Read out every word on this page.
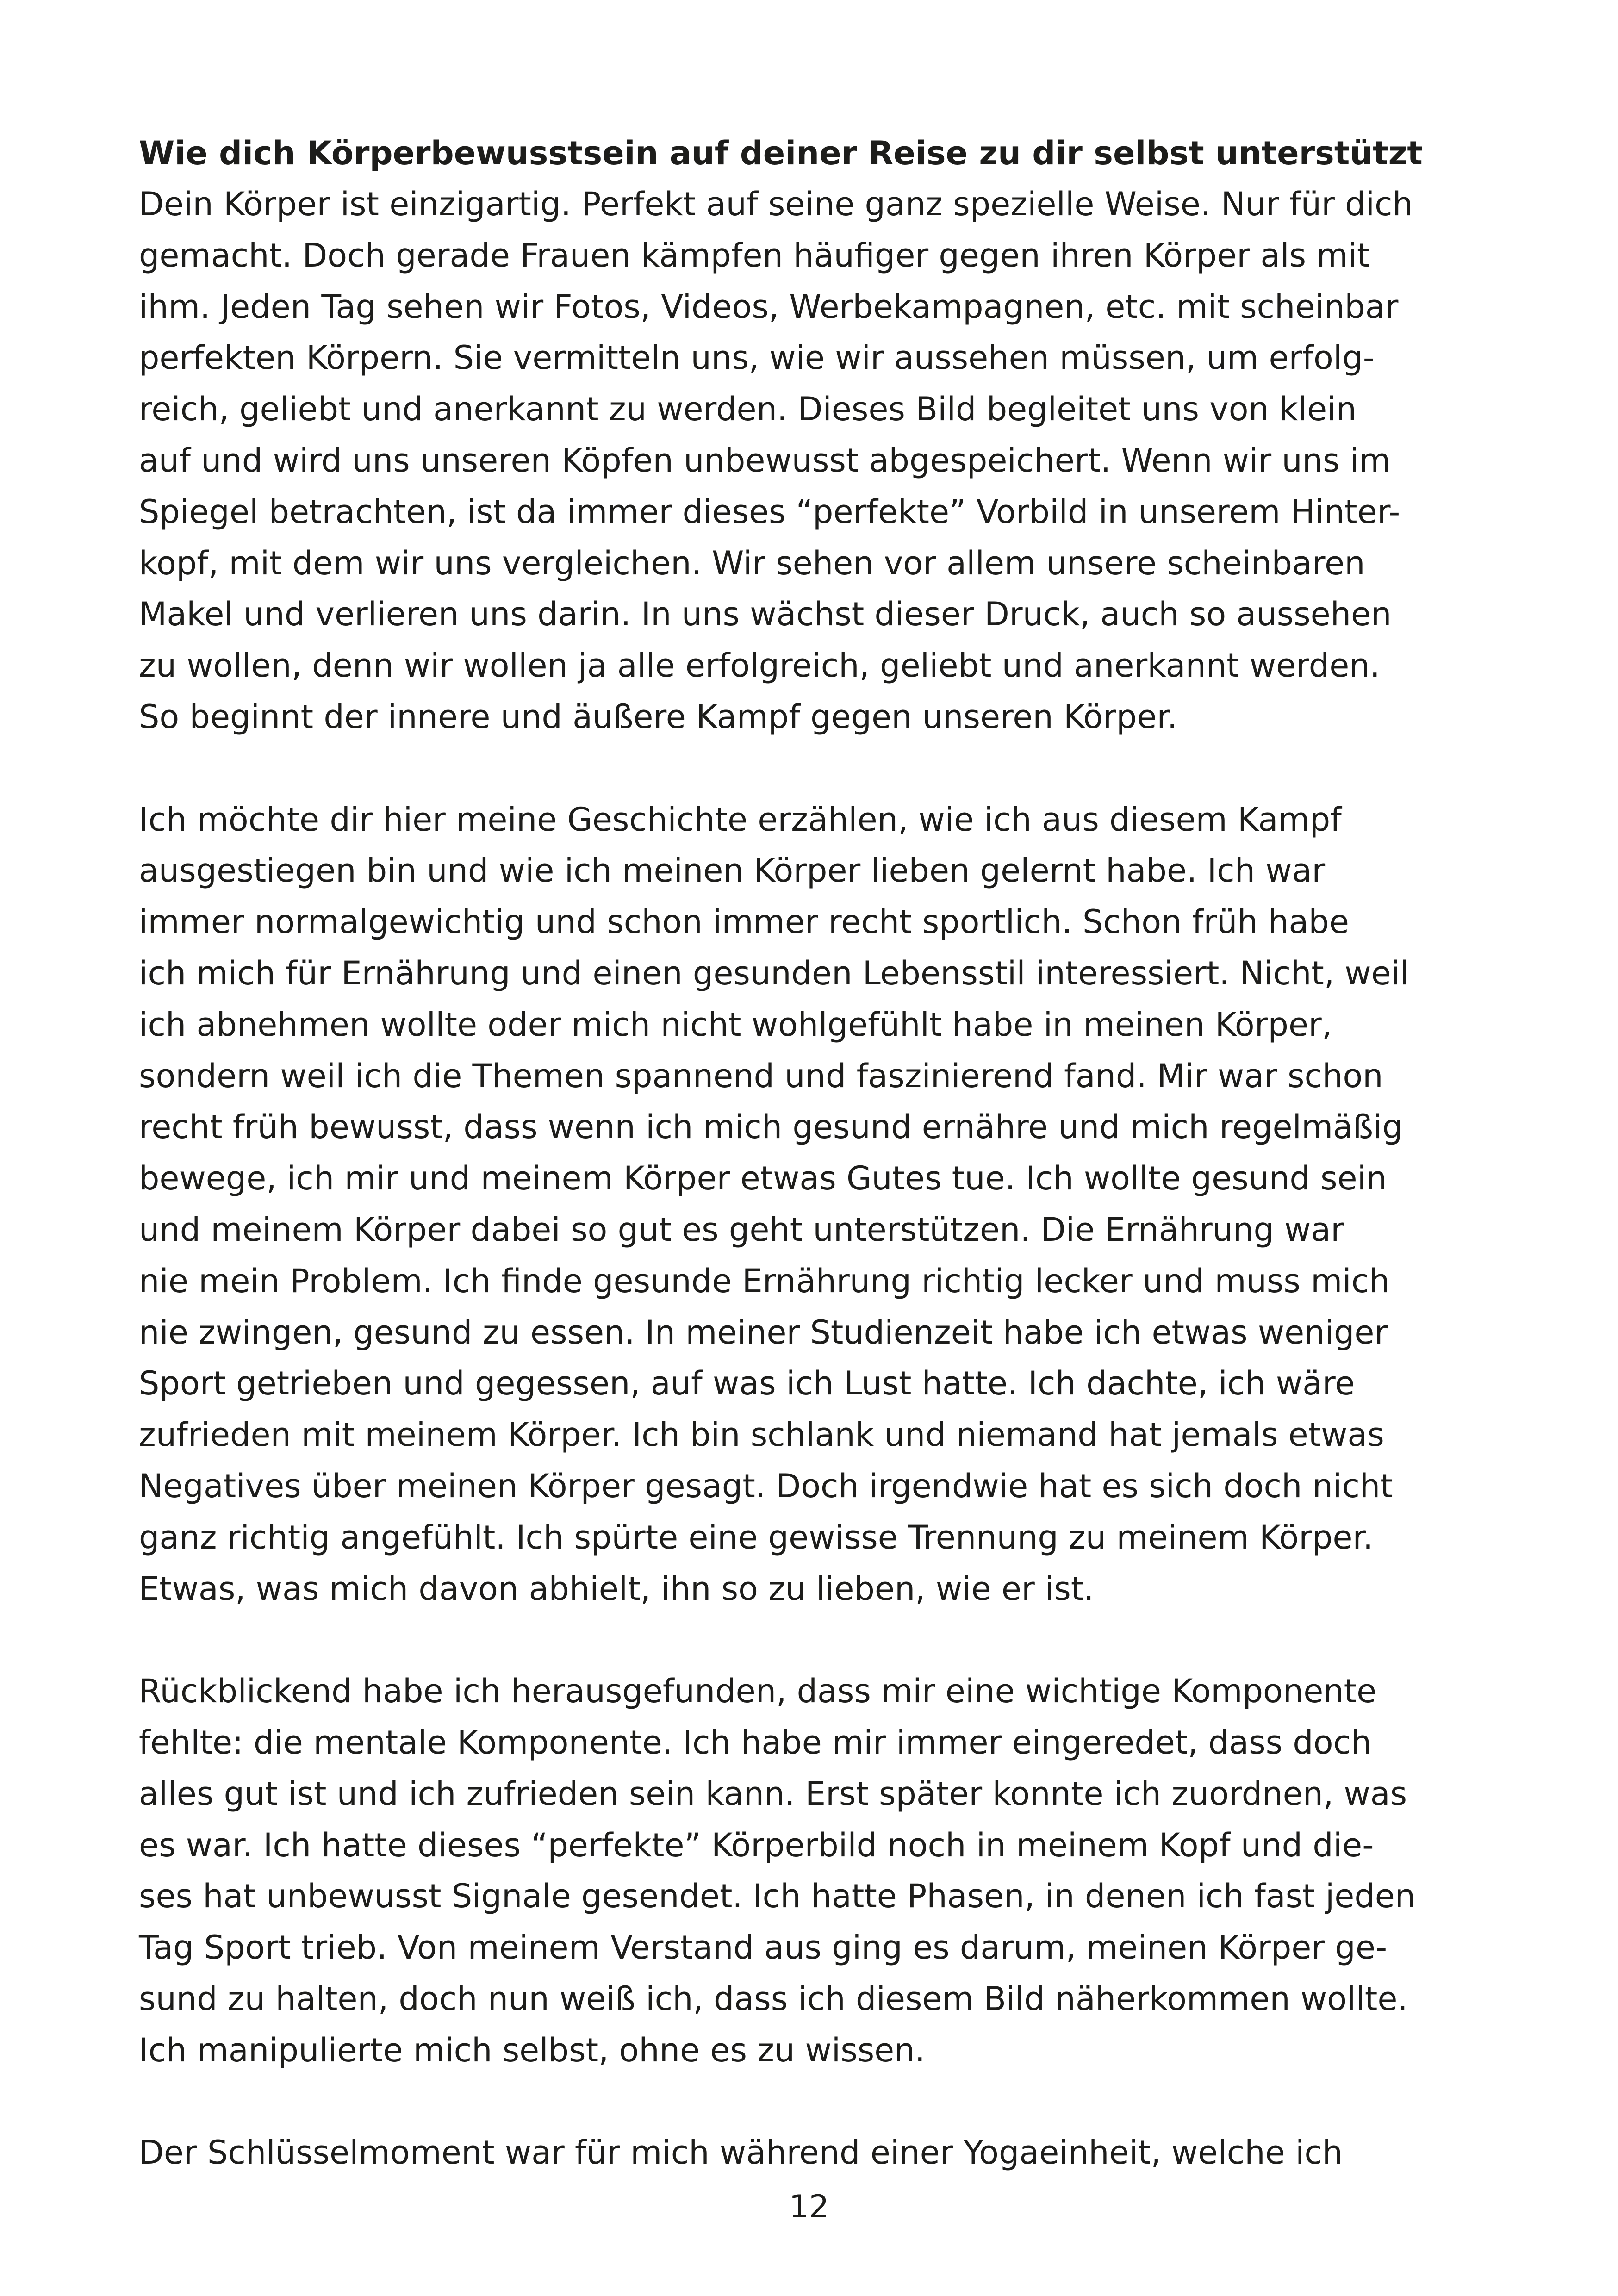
Wie dich Körperbewusstsein auf deiner Reise zu dir selbst unterstützt
Dein Körper ist einzigartig. Perfekt auf seine ganz spezielle Weise. Nur für dich
gemacht. Doch gerade Frauen kämpfen häufiger gegen ihren Körper als mit
ihm. Jeden Tag sehen wir Fotos, Videos, Werbekampagnen, etc. mit scheinbar
perfekten Körpern. Sie vermitteln uns, wie wir aussehen müssen, um erfolg-
reich, geliebt und anerkannt zu werden. Dieses Bild begleitet uns von klein
auf und wird uns unseren Köpfen unbewusst abgespeichert. Wenn wir uns im
Spiegel betrachten, ist da immer dieses “perfekte” Vorbild in unserem Hinter-
kopf, mit dem wir uns vergleichen. Wir sehen vor allem unsere scheinbaren
Makel und verlieren uns darin. In uns wächst dieser Druck, auch so aussehen
zu wollen, denn wir wollen ja alle erfolgreich, geliebt und anerkannt werden.
So beginnt der innere und äußere Kampf gegen unseren Körper.
Ich möchte dir hier meine Geschichte erzählen, wie ich aus diesem Kampf
ausgestiegen bin und wie ich meinen Körper lieben gelernt habe. Ich war
immer normalgewichtig und schon immer recht sportlich. Schon früh habe
ich mich für Ernährung und einen gesunden Lebensstil interessiert. Nicht, weil
ich abnehmen wollte oder mich nicht wohlgefühlt habe in meinen Körper,
sondern weil ich die Themen spannend und faszinierend fand. Mir war schon
recht früh bewusst, dass wenn ich mich gesund ernähre und mich regelmäßig
bewege, ich mir und meinem Körper etwas Gutes tue. Ich wollte gesund sein
und meinem Körper dabei so gut es geht unterstützen. Die Ernährung war
nie mein Problem. Ich finde gesunde Ernährung richtig lecker und muss mich
nie zwingen, gesund zu essen. In meiner Studienzeit habe ich etwas weniger
Sport getrieben und gegessen, auf was ich Lust hatte. Ich dachte, ich wäre
zufrieden mit meinem Körper. Ich bin schlank und niemand hat jemals etwas
Negatives über meinen Körper gesagt. Doch irgendwie hat es sich doch nicht
ganz richtig angefühlt. Ich spürte eine gewisse Trennung zu meinem Körper.
Etwas, was mich davon abhielt, ihn so zu lieben, wie er ist.
Rückblickend habe ich herausgefunden, dass mir eine wichtige Komponente
fehlte: die mentale Komponente. Ich habe mir immer eingeredet, dass doch
alles gut ist und ich zufrieden sein kann. Erst später konnte ich zuordnen, was
es war. Ich hatte dieses “perfekte” Körperbild noch in meinem Kopf und die-
ses hat unbewusst Signale gesendet. Ich hatte Phasen, in denen ich fast jeden
Tag Sport trieb. Von meinem Verstand aus ging es darum, meinen Körper ge-
sund zu halten, doch nun weiß ich, dass ich diesem Bild näherkommen wollte.
Ich manipulierte mich selbst, ohne es zu wissen.
Der Schlüsselmoment war für mich während einer Yogaeinheit, welche ich
12
